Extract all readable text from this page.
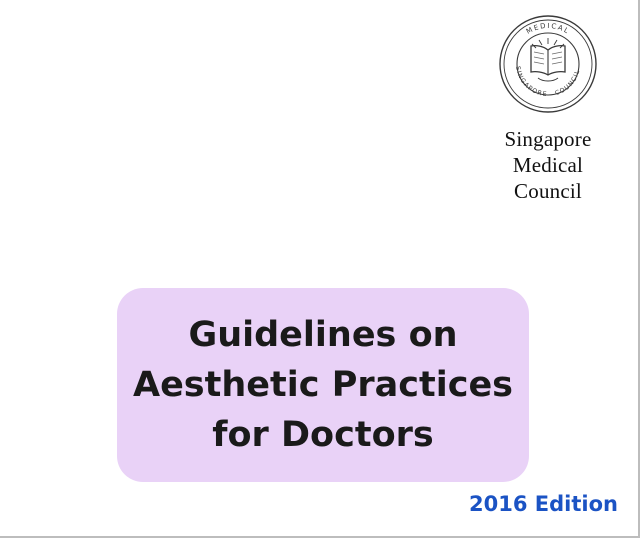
MEDICAL
SINGAPORE COUNCIL
Singapore
Medical
Council
Guidelines on
Aesthetic Practices
for Doctors
2016 Edition
